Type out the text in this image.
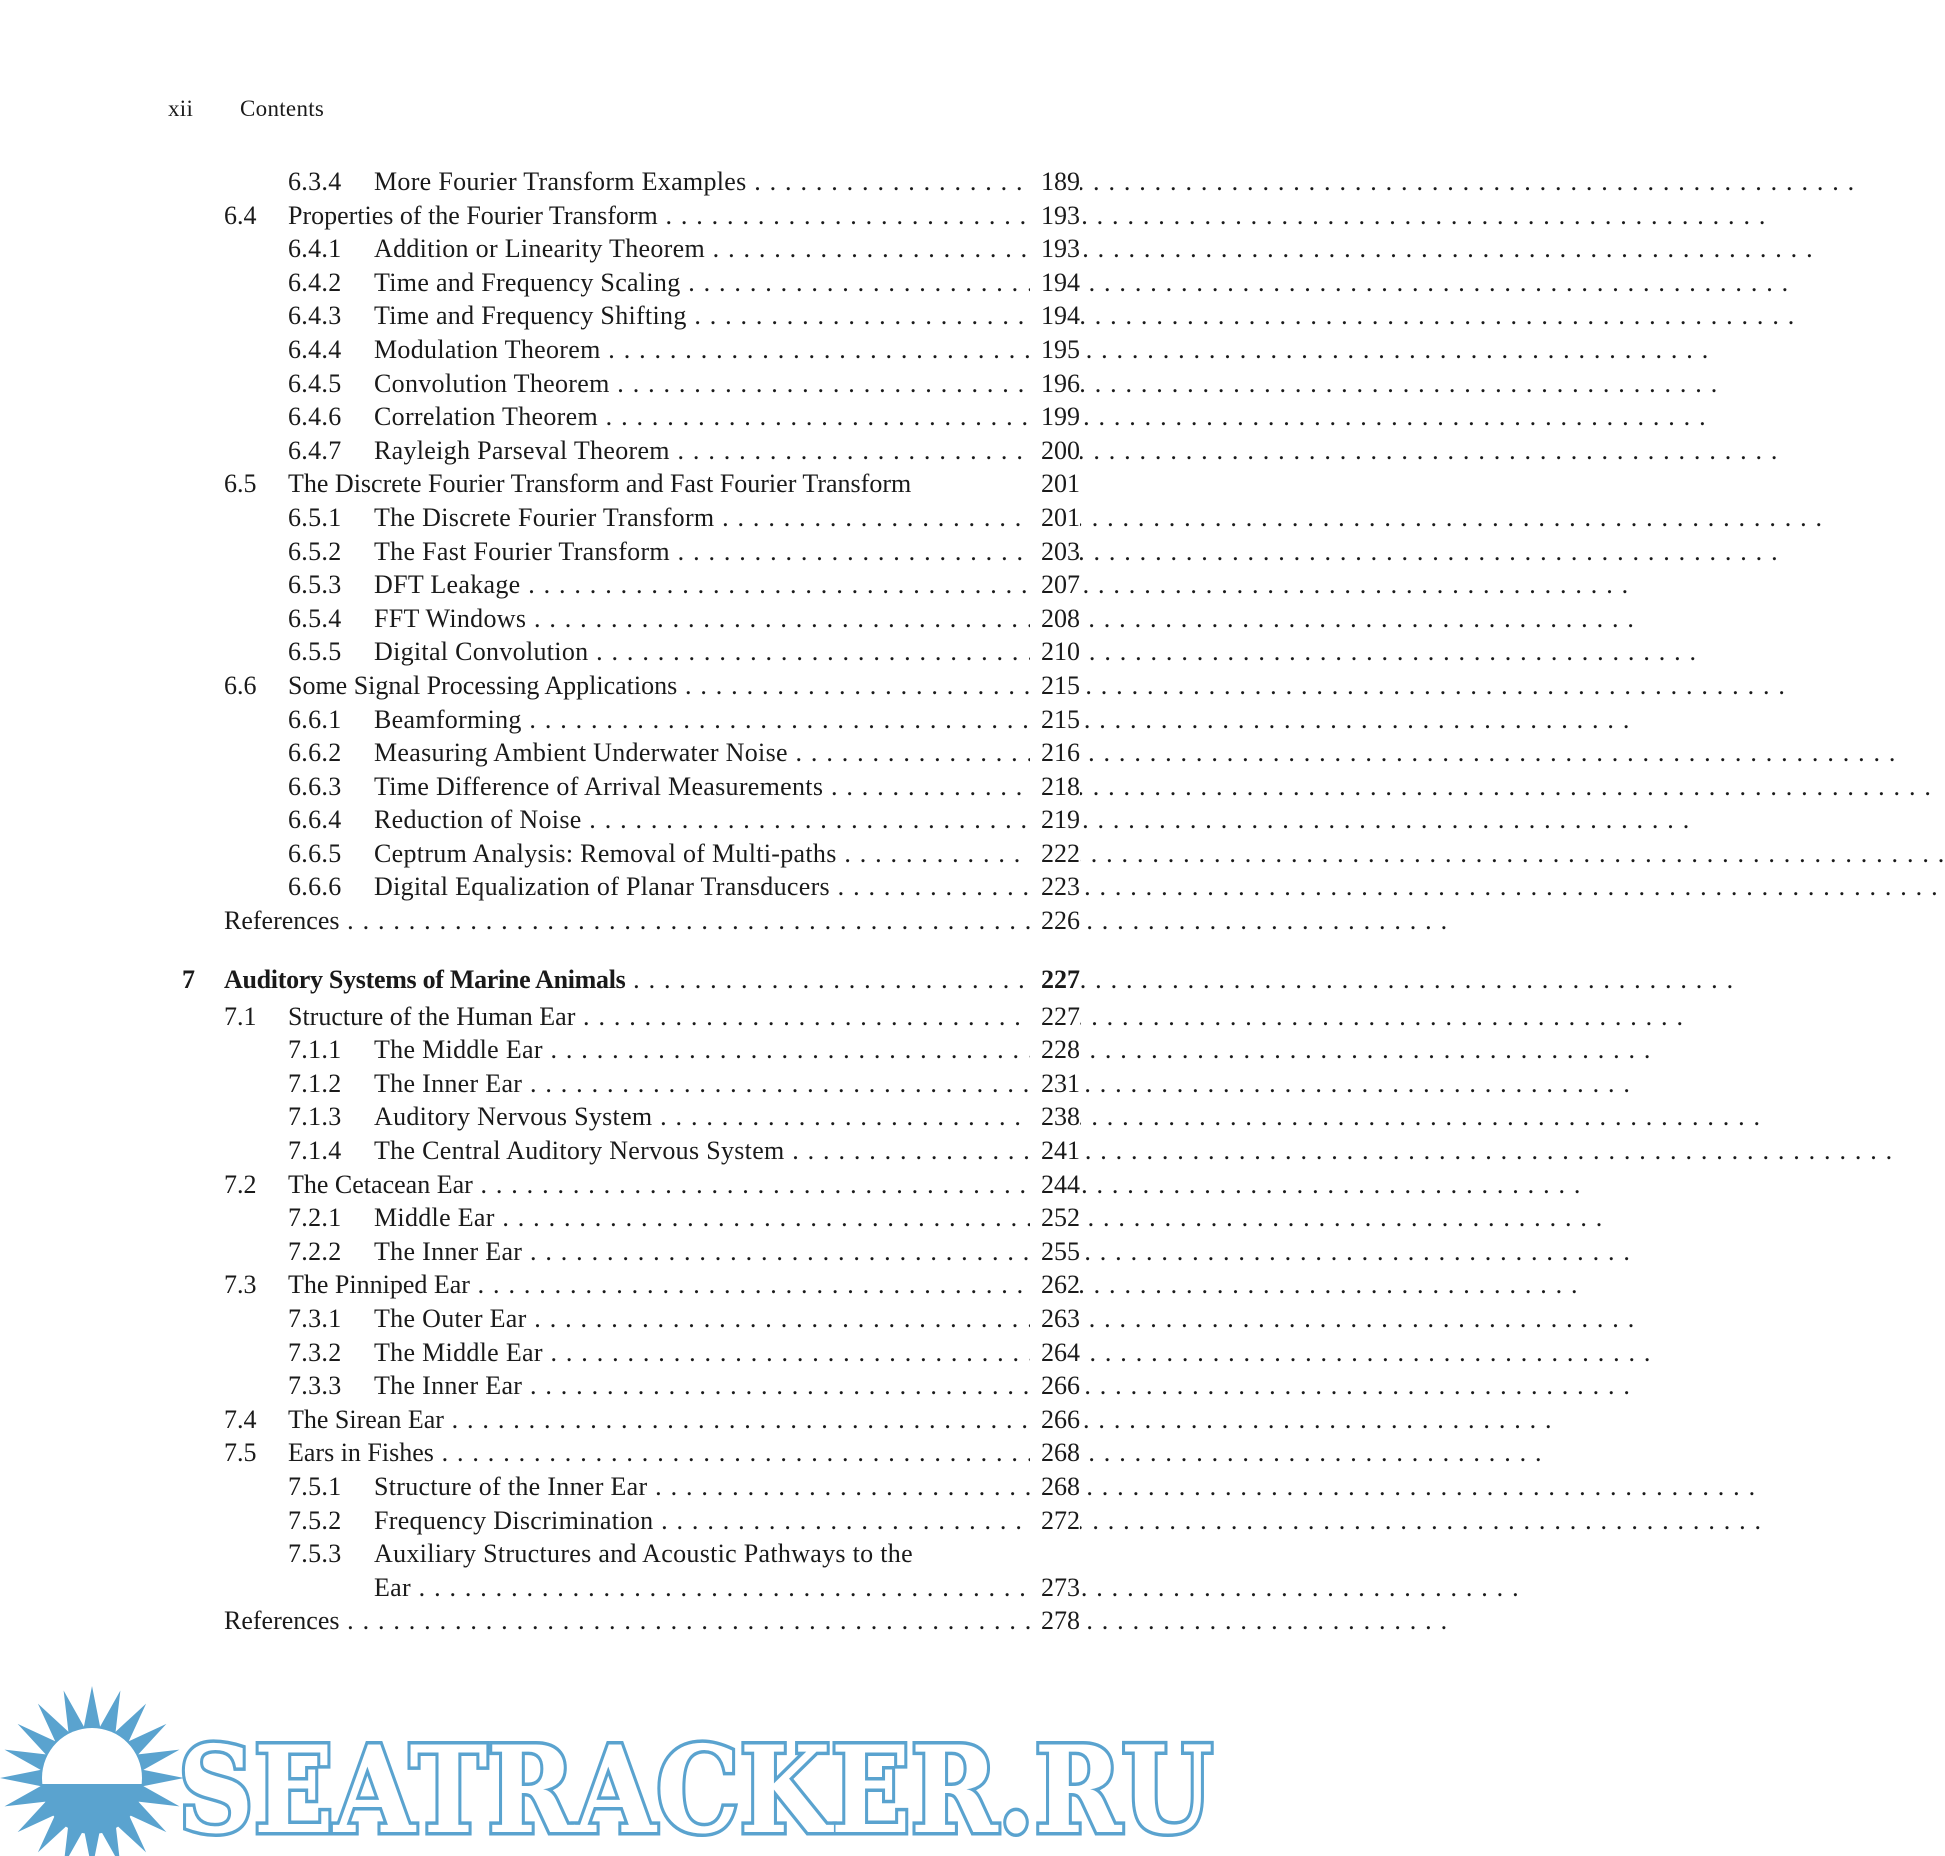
xii Contents
6.3.4 More Fourier Transform Examples . . .	189
6.4 Properties of the Fourier Transform . . .	193
6.4.1 Addition or Linearity Theorem . . .	193
6.4.2 Time and Frequency Scaling . . .	194
6.4.3 Time and Frequency Shifting . . .	194
6.4.4 Modulation Theorem . . .	195
6.4.5 Convolution Theorem . . .	196
6.4.6 Correlation Theorem . . .	199
6.4.7 Rayleigh Parseval Theorem . . .	200
6.5 The Discrete Fourier Transform and Fast Fourier Transform	201
6.5.1 The Discrete Fourier Transform . . .	201
6.5.2 The Fast Fourier Transform . . .	203
6.5.3 DFT Leakage . . .	207
6.5.4 FFT Windows . . .	208
6.5.5 Digital Convolution . . .	210
6.6 Some Signal Processing Applications . . .	215
6.6.1 Beamforming . . .	215
6.6.2 Measuring Ambient Underwater Noise . . .	216
6.6.3 Time Difference of Arrival Measurements . . .	218
6.6.4 Reduction of Noise . . .	219
6.6.5 Ceptrum Analysis: Removal of Multi-paths . . .	222
6.6.6 Digital Equalization of Planar Transducers . . .	223
References . . .	226
7 Auditory Systems of Marine Animals . . .	227
7.1 Structure of the Human Ear . . .	227
7.1.1 The Middle Ear . . .	228
7.1.2 The Inner Ear . . .	231
7.1.3 Auditory Nervous System . . .	238
7.1.4 The Central Auditory Nervous System . . .	241
7.2 The Cetacean Ear . . .	244
7.2.1 Middle Ear . . .	252
7.2.2 The Inner Ear . . .	255
7.3 The Pinniped Ear . . .	262
7.3.1 The Outer Ear . . .	263
7.3.2 The Middle Ear . . .	264
7.3.3 The Inner Ear . . .	266
7.4 The Sirean Ear . . .	266
7.5 Ears in Fishes . . .	268
7.5.1 Structure of the Inner Ear . . .	268
7.5.2 Frequency Discrimination . . .	272
7.5.3 Auxiliary Structures and Acoustic Pathways to the
Ear . . .	273
References . . .	278
SEATRACKER.RU
